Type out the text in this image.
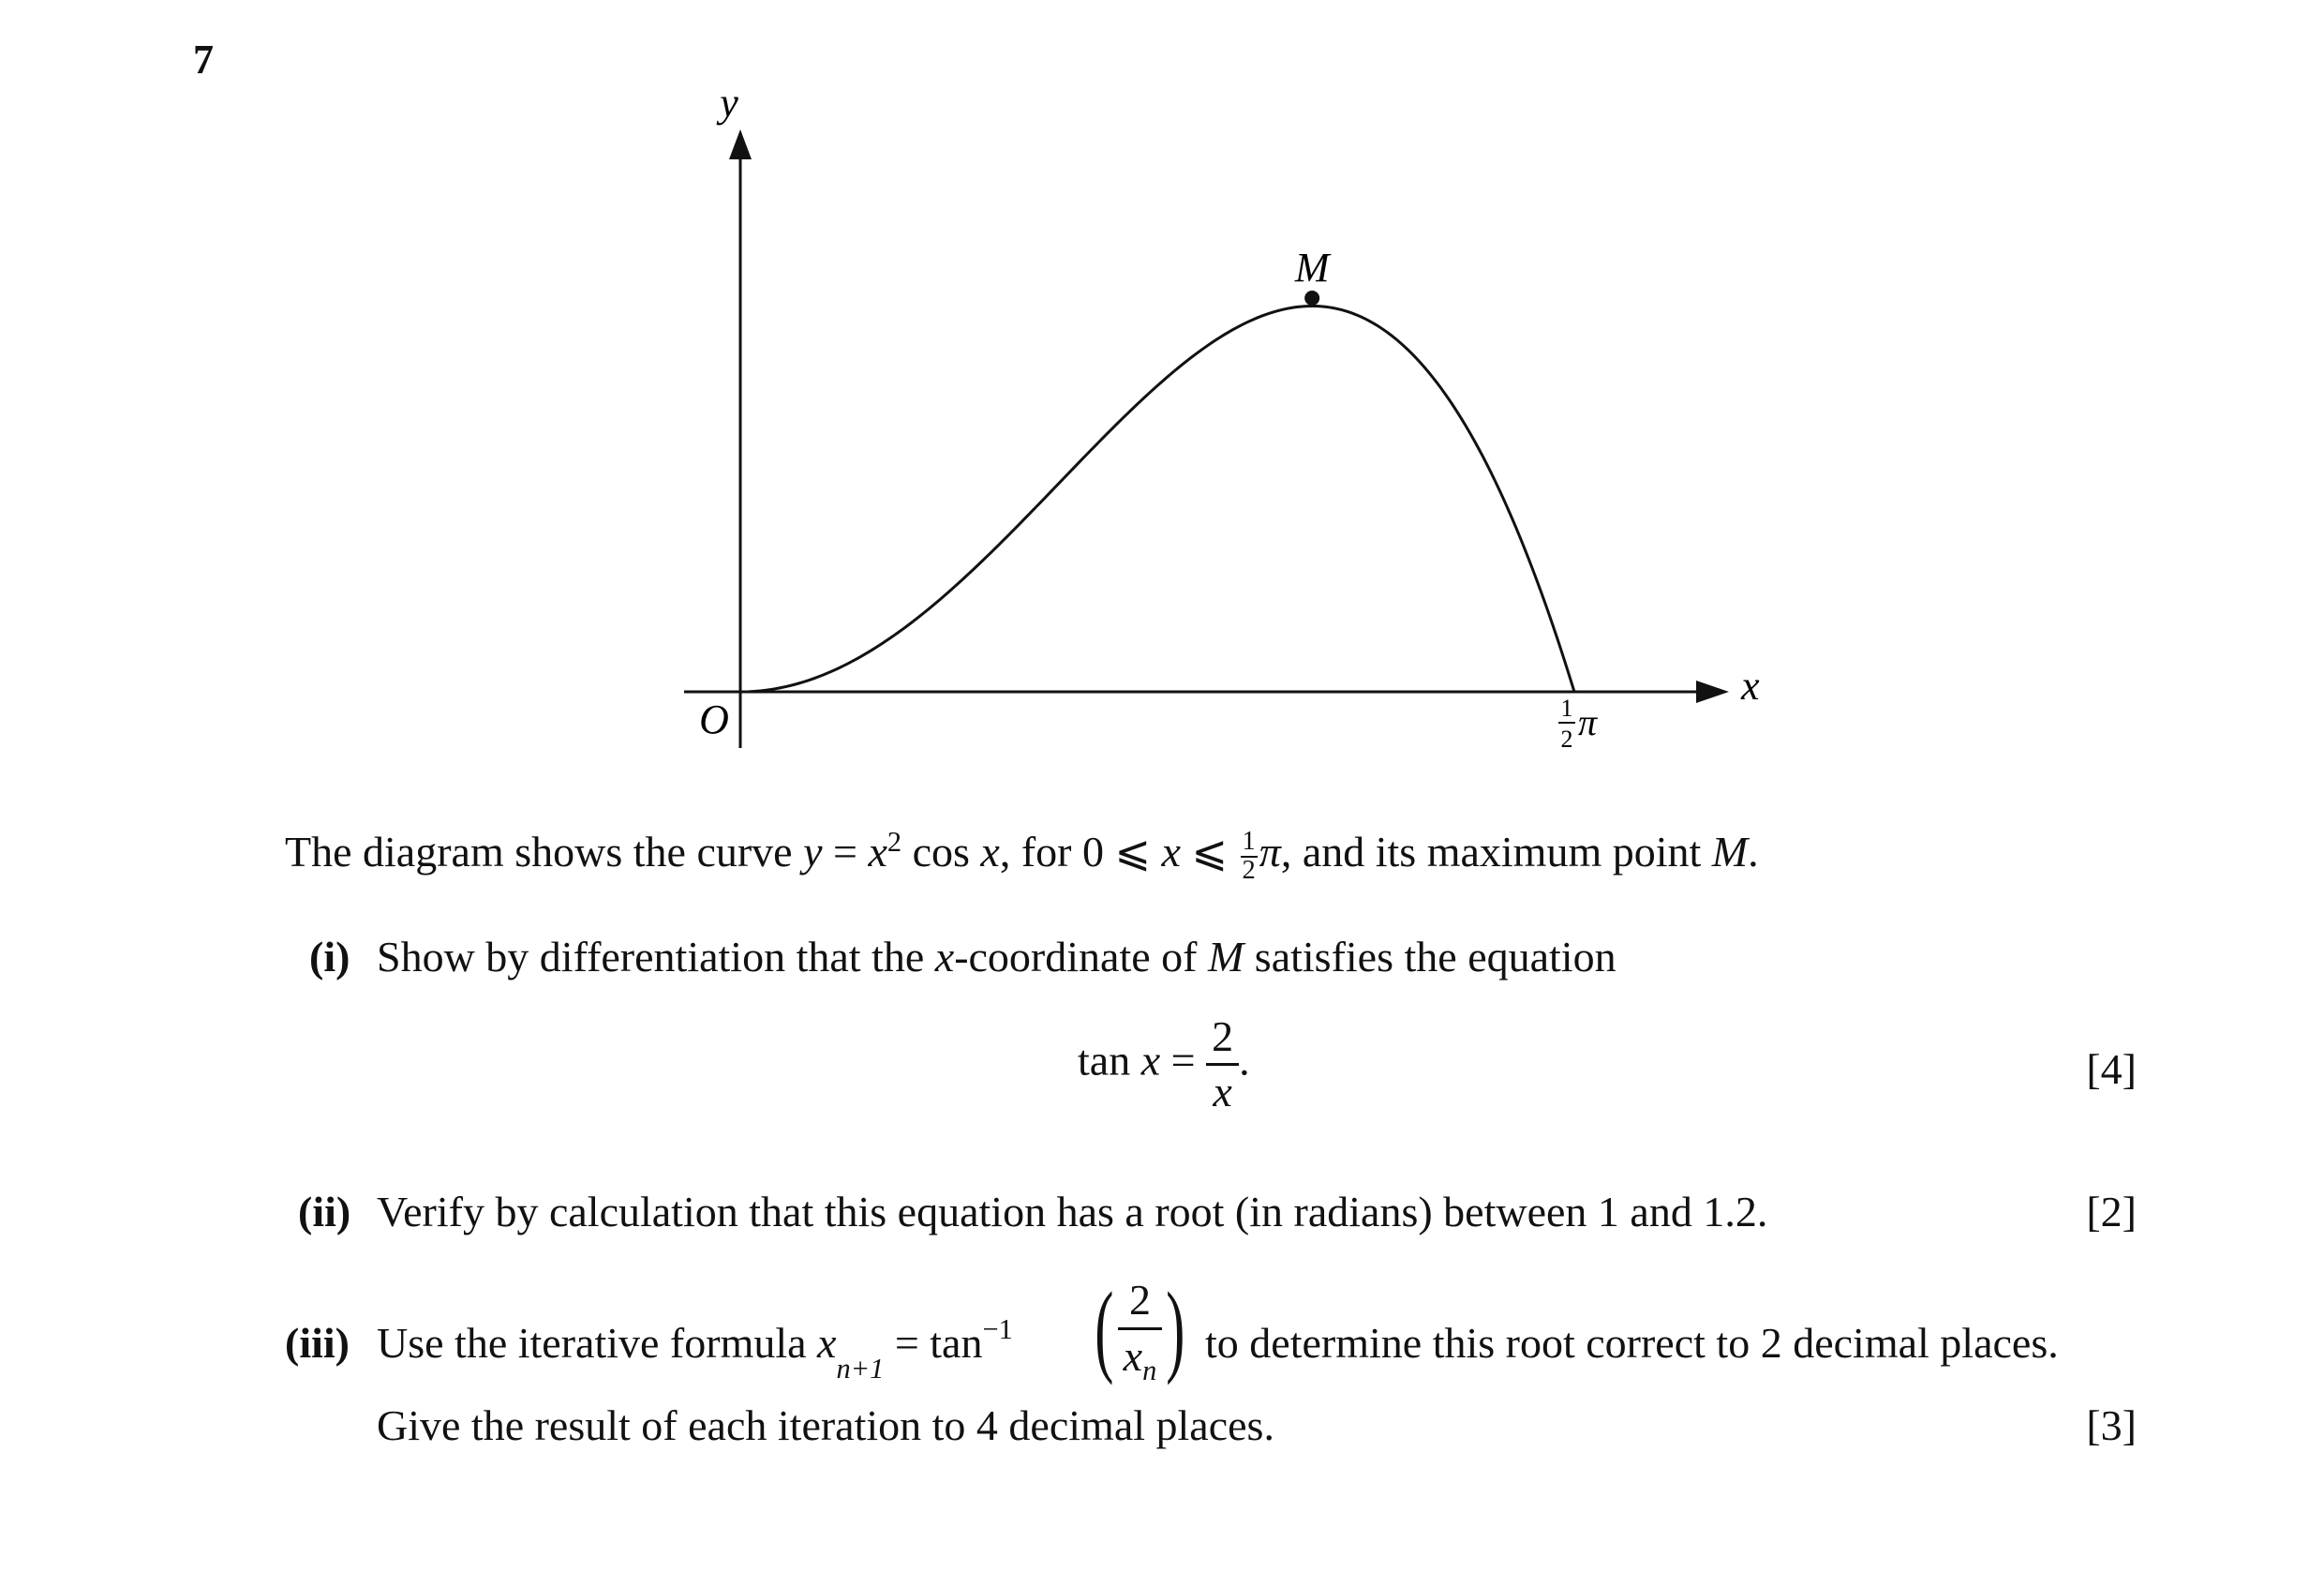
7
y
x
O
M
1
2 π
The diagram shows the curve $y = x^2$ cos x, for 0 ⩽ x ⩽ $\frac{1}{2} \pi$, and its maximum point M.
(i) Show by differentiation that the x-coordinate of M satisfies the equation
$\tan x = \frac{2}{x}$ .	[4]
(ii) Verify by calculation that this equation has a root (in radians) between 1 and 1.2.	[2]
(iii) Use the iterative formula $x_{n+1} = \tan^{-1}$ ( $\frac{2}{x_n}$ ) to determine this root correct to 2 decimal places.
Give the result of each iteration to 4 decimal places.	[3]
